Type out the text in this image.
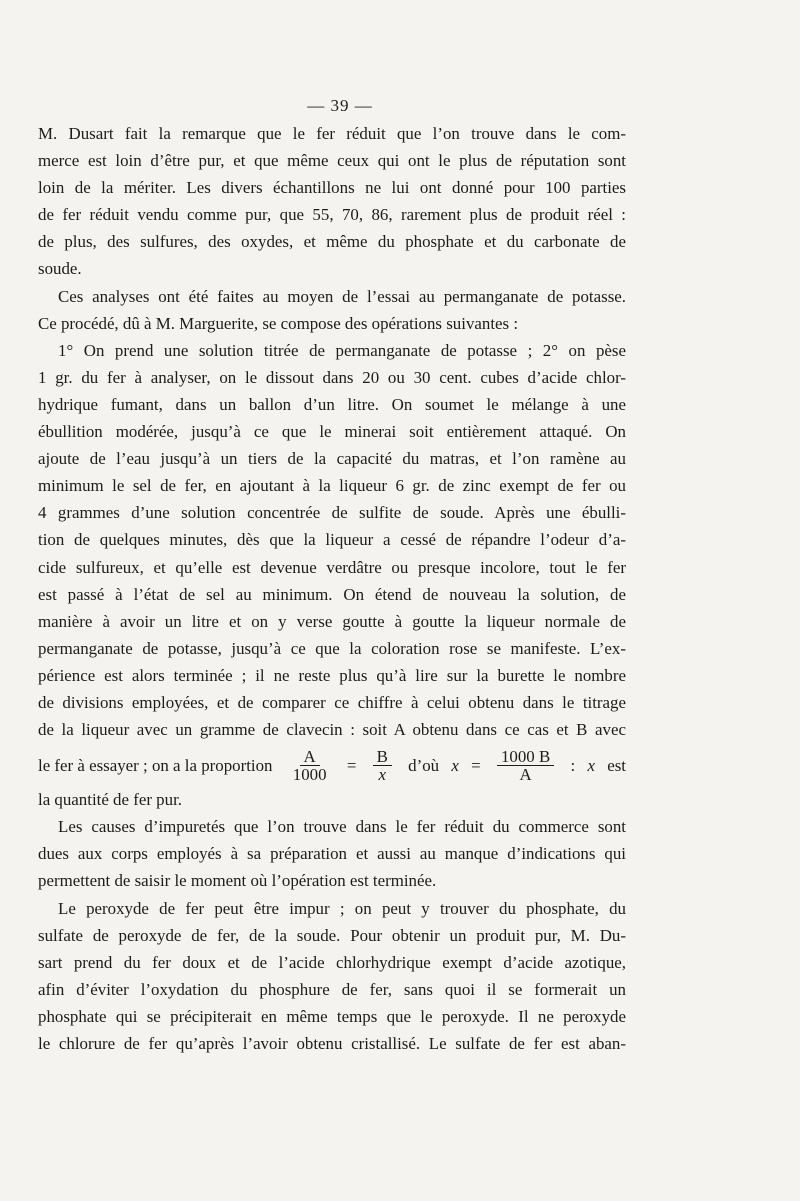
— 39 —
M. Dusart fait la remarque que le fer réduit que l’on trouve dans le com-
merce est loin d’être pur, et que même ceux qui ont le plus de réputation sont
loin de la mériter. Les divers échantillons ne lui ont donné pour 100 parties
de fer réduit vendu comme pur, que 55, 70, 86, rarement plus de produit réel :
de plus, des sulfures, des oxydes, et même du phosphate et du carbonate de
soude.
Ces analyses ont été faites au moyen de l’essai au permanganate de potasse.
Ce procédé, dû à M. Marguerite, se compose des opérations suivantes :
1° On prend une solution titrée de permanganate de potasse ; 2° on pèse
1 gr. du fer à analyser, on le dissout dans 20 ou 30 cent. cubes d’acide chlor-
hydrique fumant, dans un ballon d’un litre. On soumet le mélange à une
ébullition modérée, jusqu’à ce que le minerai soit entièrement attaqué. On
ajoute de l’eau jusqu’à un tiers de la capacité du matras, et l’on ramène au
minimum le sel de fer, en ajoutant à la liqueur 6 gr. de zinc exempt de fer ou
4 grammes d’une solution concentrée de sulfite de soude. Après une ébulli-
tion de quelques minutes, dès que la liqueur a cessé de répandre l’odeur d’a-
cide sulfureux, et qu’elle est devenue verdâtre ou presque incolore, tout le fer
est passé à l’état de sel au minimum. On étend de nouveau la solution, de
manière à avoir un litre et on y verse goutte à goutte la liqueur normale de
permanganate de potasse, jusqu’à ce que la coloration rose se manifeste. L’ex-
périence est alors terminée ; il ne reste plus qu’à lire sur la burette le nombre
de divisions employées, et de comparer ce chiffre à celui obtenu dans le titrage
de la liqueur avec un gramme de clavecin : soit A obtenu dans ce cas et B avec
le fer à essayer ; on a la proportion $\frac{A}{1000} = \frac{B}{x}$ d’où $x = \frac{1000 B}{A}$ : x est
la quantité de fer pur.
Les causes d’impuretés que l’on trouve dans le fer réduit du commerce sont
dues aux corps employés à sa préparation et aussi au manque d’indications qui
permettent de saisir le moment où l’opération est terminée.
Le peroxyde de fer peut être impur ; on peut y trouver du phosphate, du
sulfate de peroxyde de fer, de la soude. Pour obtenir un produit pur, M. Du-
sart prend du fer doux et de l’acide chlorhydrique exempt d’acide azotique,
afin d’éviter l’oxydation du phosphure de fer, sans quoi il se formerait un
phosphate qui se précipiterait en même temps que le peroxyde. Il ne peroxyde
le chlorure de fer qu’après l’avoir obtenu cristallisé. Le sulfate de fer est aban-
